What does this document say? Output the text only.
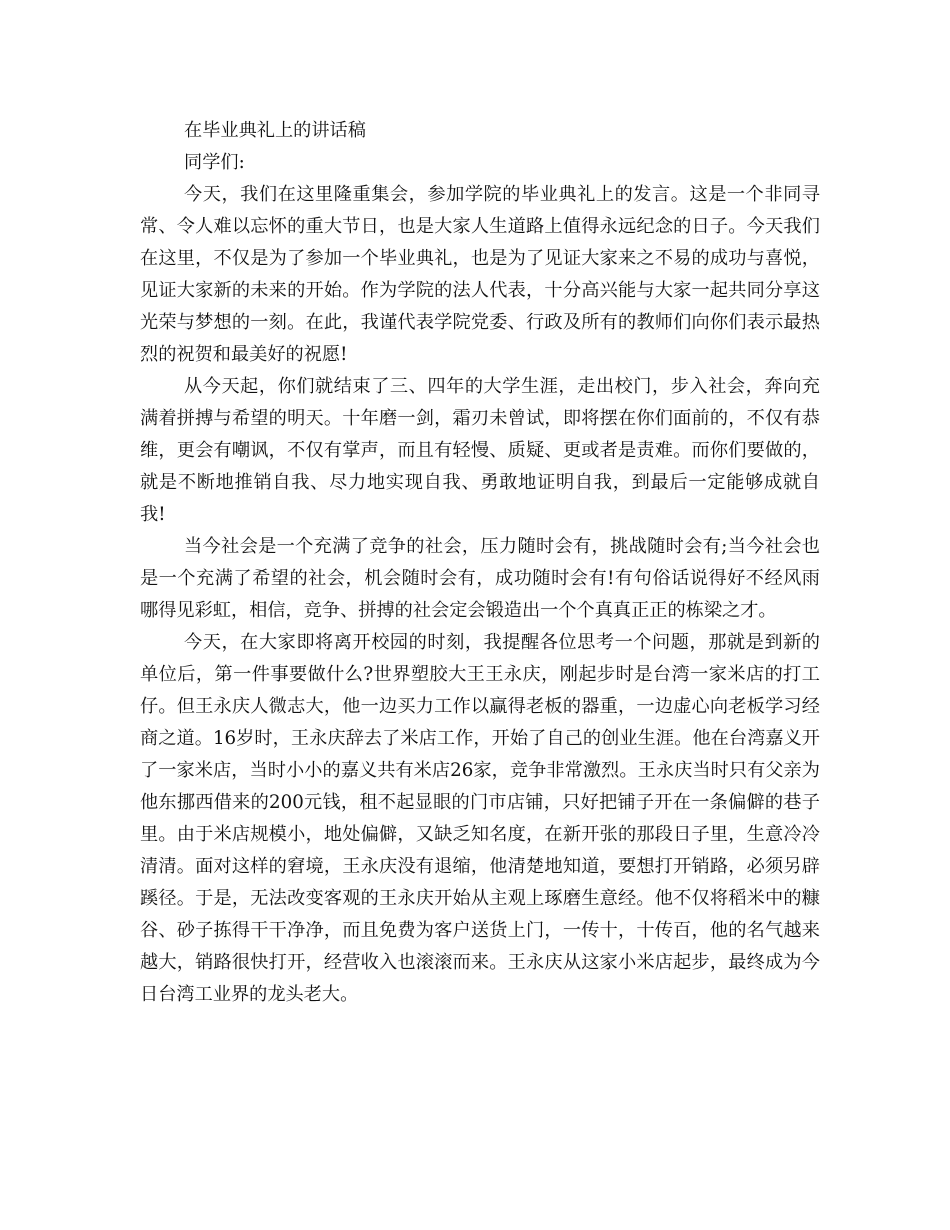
在毕业典礼上的讲话稿

同学们:

今天，我们在这里隆重集会，参加学院的毕业典礼上的发言。这是一个非同寻常、令人难以忘怀的重大节日，也是大家人生道路上值得永远纪念的日子。今天我们在这里，不仅是为了参加一个毕业典礼，也是为了见证大家来之不易的成功与喜悦，见证大家新的未来的开始。作为学院的法人代表，十分高兴能与大家一起共同分享这光荣与梦想的一刻。在此，我谨代表学院党委、行政及所有的教师们向你们表示最热烈的祝贺和最美好的祝愿!

从今天起，你们就结束了三、四年的大学生涯，走出校门，步入社会，奔向充满着拼搏与希望的明天。十年磨一剑，霜刃未曾试，即将摆在你们面前的，不仅有恭维，更会有嘲讽，不仅有掌声，而且有轻慢、质疑、更或者是责难。而你们要做的，就是不断地推销自我、尽力地实现自我、勇敢地证明自我，到最后一定能够成就自我!

当今社会是一个充满了竞争的社会，压力随时会有，挑战随时会有;当今社会也是一个充满了希望的社会，机会随时会有，成功随时会有!有句俗话说得好不经风雨哪得见彩虹，相信，竞争、拼搏的社会定会锻造出一个个真真正正的栋梁之才。

今天，在大家即将离开校园的时刻，我提醒各位思考一个问题，那就是到新的单位后，第一件事要做什么?世界塑胶大王王永庆，刚起步时是台湾一家米店的打工仔。但王永庆人微志大，他一边买力工作以赢得老板的器重，一边虚心向老板学习经商之道。16岁时，王永庆辞去了米店工作，开始了自己的创业生涯。他在台湾嘉义开了一家米店，当时小小的嘉义共有米店26家，竞争非常激烈。王永庆当时只有父亲为他东挪西借来的200元钱，租不起显眼的门市店铺，只好把铺子开在一条偏僻的巷子里。由于米店规模小，地处偏僻，又缺乏知名度，在新开张的那段日子里，生意冷冷清清。面对这样的窘境，王永庆没有退缩，他清楚地知道，要想打开销路，必须另辟蹊径。于是，无法改变客观的王永庆开始从主观上琢磨生意经。他不仅将稻米中的糠谷、砂子拣得干干净净，而且免费为客户送货上门，一传十，十传百，他的名气越来越大，销路很快打开，经营收入也滚滚而来。王永庆从这家小米店起步，最终成为今日台湾工业界的龙头老大。
